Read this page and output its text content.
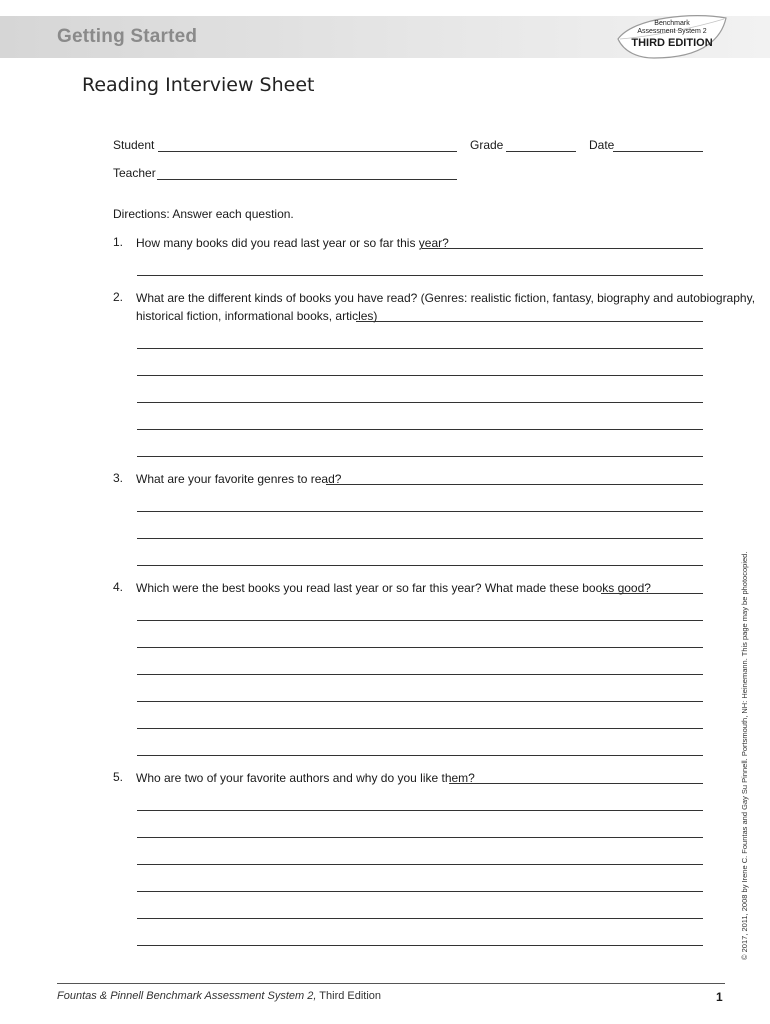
Getting Started
Benchmark
Assessment System 2
THIRD EDITION
Reading Interview Sheet
Student	Grade	Date
Teacher
Directions: Answer each question.
1. How many books did you read last year or so far this year?
2. What are the different kinds of books you have read? (Genres: realistic fiction, fantasy, biography and autobiography,
historical fiction, informational books, articles)
3. What are your favorite genres to read?
4. Which were the best books you read last year or so far this year? What made these books good?
5. Who are two of your favorite authors and why do you like them?	© 2017, 2011, 2008 by Irene C. Fountas and Gay Su Pinnell. Portsmouth, NH: Heinemann. This page may be photocopied.
Fountas & Pinnell Benchmark Assessment System 2, Third Edition	1
